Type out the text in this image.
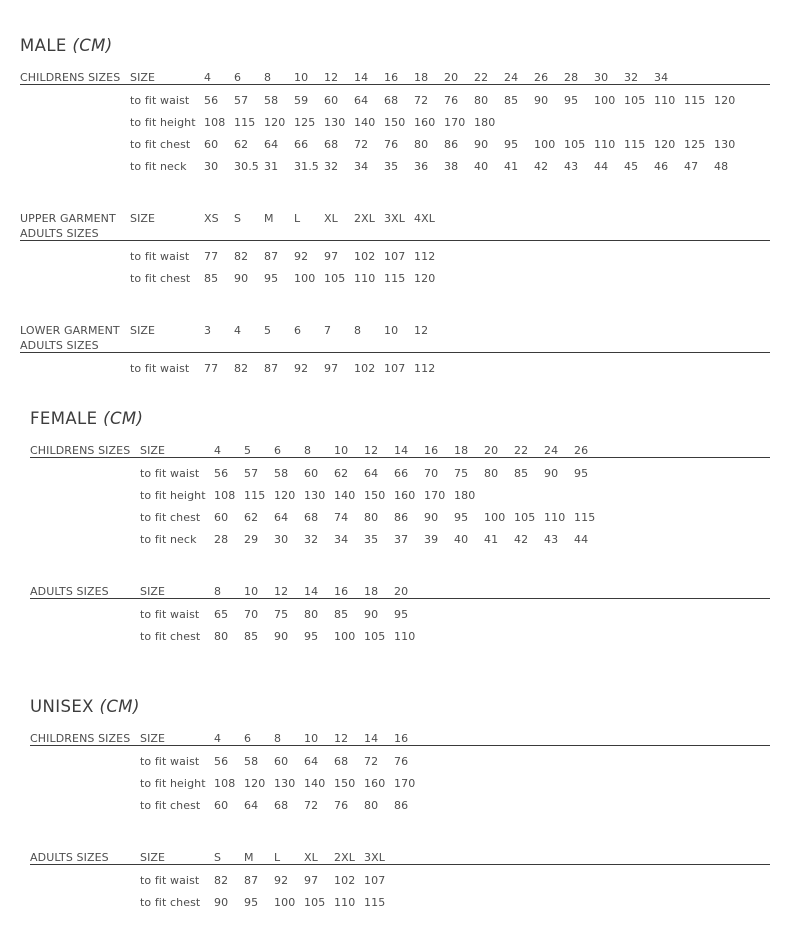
MALE (CM)
CHILDRENS SIZES SIZE	4 6 8 10 12 14 16 18 20 22 24 26 28 30 32 34
to fit waist 56 57 58 59 60 64 68 72 76 80 85 90 95 100 105 110 115 120
to fit height 108 115 120 125 130 140 150 160 170 180
to fit chest 60 62 64 66 68 72 76 80 86 90 95 100 105 110 115 120 125 130
to fit neck 30 30.5 31 31.5 32 34 35 36 38 40 41 42 43 44 45 46 47 48
UPPER GARMENT
ADULTS SIZES
SIZE	XS S M L XL 2XL 3XL 4XL
to fit waist 77 82 87 92 97 102 107 112
to fit chest 85 90 95 100 105 110 115 120
LOWER GARMENT
ADULTS SIZES
SIZE	3 4 5 6 7 8 10 12
to fit waist 77 82 87 92 97 102 107 112
FEMALE (CM)
CHILDRENS SIZES SIZE	4 5 6 8 10 12 14 16 18 20 22 24 26
to fit waist 56 57 58 60 62 64 66 70 75 80 85 90 95
to fit height 108 115 120 130 140 150 160 170 180
to fit chest 60 62 64 68 74 80 86 90 95 100 105 110 115
to fit neck 28 29 30 32 34 35 37 39 40 41 42 43 44
ADULTS SIZES	SIZE	8 10 12 14 16 18 20
to fit waist 65 70 75 80 85 90 95
to fit chest 80 85 90 95 100 105 110
UNISEX (CM)
CHILDRENS SIZES SIZE	4 6 8 10 12 14 16
to fit waist 56 58 60 64 68 72 76
to fit height 108 120 130 140 150 160 170
to fit chest 60 64 68 72 76 80 86
ADULTS SIZES	SIZE	S M L XL 2XL 3XL
to fit waist 82 87 92 97 102 107
to fit chest 90 95 100 105 110 115
